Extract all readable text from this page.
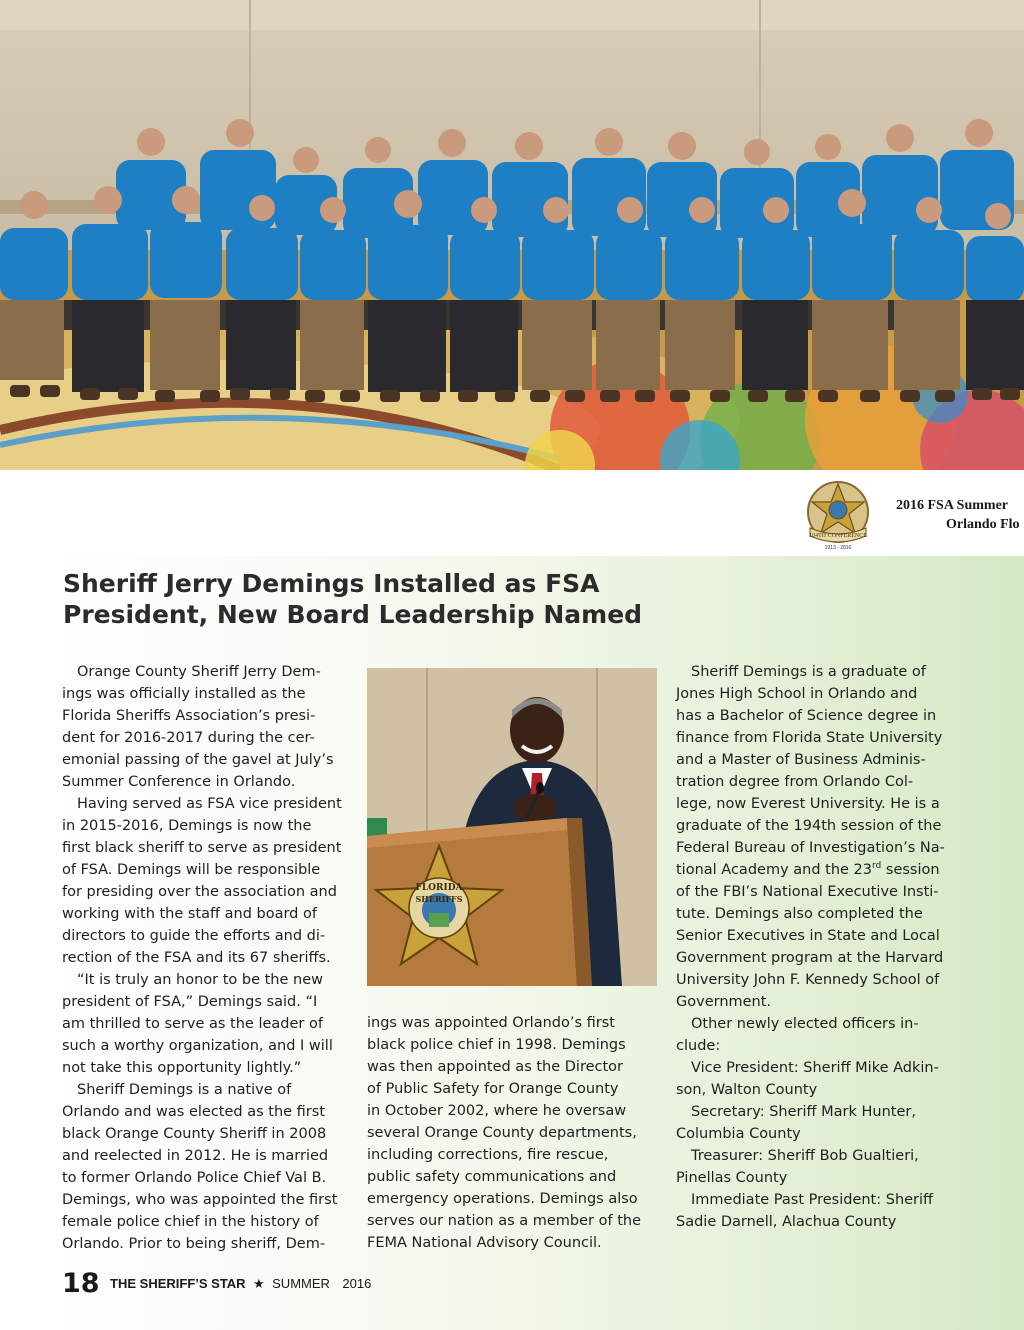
104TH CONFERENCE
1913 - 2016
2016 FSA Summer
Orlando Flo
Sheriff Jerry Demings Installed as FSA
President, New Board Leadership Named
Orange County Sheriff Jerry Dem-
ings was officially installed as the
Florida Sheriffs Association’s presi-
dent for 2016-2017 during the cer-
emonial passing of the gavel at July’s
Summer Conference in Orlando.
Having served as FSA vice president
in 2015-2016, Demings is now the
first black sheriff to serve as president
of FSA. Demings will be responsible
for presiding over the association and
working with the staff and board of
directors to guide the efforts and di-
rection of the FSA and its 67 sheriffs.
“It is truly an honor to be the new
president of FSA,” Demings said. “I
am thrilled to serve as the leader of
such a worthy organization, and I will
not take this opportunity lightly.”
Sheriff Demings is a native of
Orlando and was elected as the first
black Orange County Sheriff in 2008
and reelected in 2012. He is married
to former Orlando Police Chief Val B.
Demings, who was appointed the first
female police chief in the history of
Orlando. Prior to being sheriff, Dem-
FLORIDA
SHERIFFS
ings was appointed Orlando’s first
black police chief in 1998. Demings
was then appointed as the Director
of Public Safety for Orange County
in October 2002, where he oversaw
several Orange County departments,
including corrections, fire rescue,
public safety communications and
emergency operations. Demings also
serves our nation as a member of the
FEMA National Advisory Council.
Sheriff Demings is a graduate of
Jones High School in Orlando and
has a Bachelor of Science degree in
finance from Florida State University
and a Master of Business Adminis-
tration degree from Orlando Col-
lege, now Everest University. He is a
graduate of the 194th session of the
Federal Bureau of Investigation’s Na-
tional Academy and the 23rd session
of the FBI’s National Executive Insti-
tute. Demings also completed the
Senior Executives in State and Local
Government program at the Harvard
University John F. Kennedy School of
Government.
Other newly elected officers in-
clude:
Vice President: Sheriff Mike Adkin-
son, Walton County
Secretary: Sheriff Mark Hunter,
Columbia County
Treasurer: Sheriff Bob Gualtieri,
Pinellas County
Immediate Past President: Sheriff
Sadie Darnell, Alachua County
18 THE SHERIFF’S STAR ★ SUMMER 2016
